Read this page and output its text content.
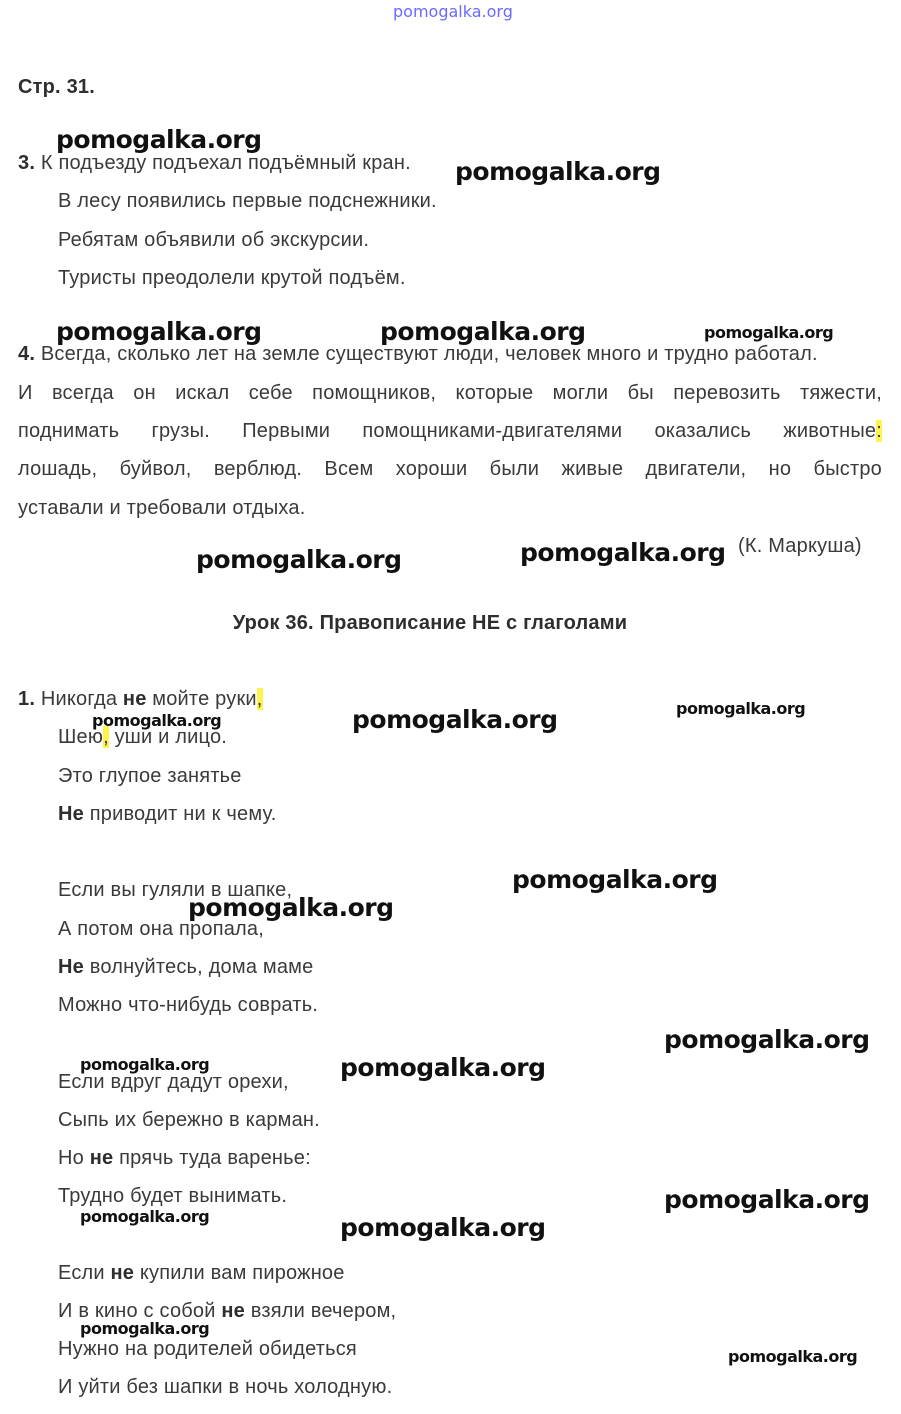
pomogalka.org
Стр. 31.
3. К подъезду подъехал подъёмный кран.
В лесу появились первые подснежники.
Ребятам объявили об экскурсии.
Туристы преодолели крутой подъём.
4. Всегда, сколько лет на земле существуют люди, человек много и трудно работал.
И всегда он искал себе помощников, которые могли бы перевозить тяжести,
поднимать грузы. Первыми помощниками-двигателями оказались животные:
лошадь, буйвол, верблюд. Всем хороши были живые двигатели, но быстро
уставали и требовали отдыха.
(К. Маркуша)
Урок 36. Правописание НЕ с глаголами
1. Никогда не мойте руки,
Шею, уши и лицо.
Это глупое занятье
Не приводит ни к чему.
Если вы гуляли в шапке,
А потом она пропала,
Не волнуйтесь, дома маме
Можно что-нибудь соврать.
Если вдруг дадут орехи,
Сыпь их бережно в карман.
Но не прячь туда варенье:
Трудно будет вынимать.
Если не купили вам пирожное
И в кино с собой не взяли вечером,
Нужно на родителей обидеться
И уйти без шапки в ночь холодную.
pomogalka.org
pomogalka.org
pomogalka.org	pomogalka.org	pomogalka.org
pomogalka.org	pomogalka.org
pomogalka.org
pomogalka.org	pomogalka.org
pomogalka.org
pomogalka.org
pomogalka.org
pomogalka.org	pomogalka.org
pomogalka.org
pomogalka.org	pomogalka.org
pomogalka.org
pomogalka.org
